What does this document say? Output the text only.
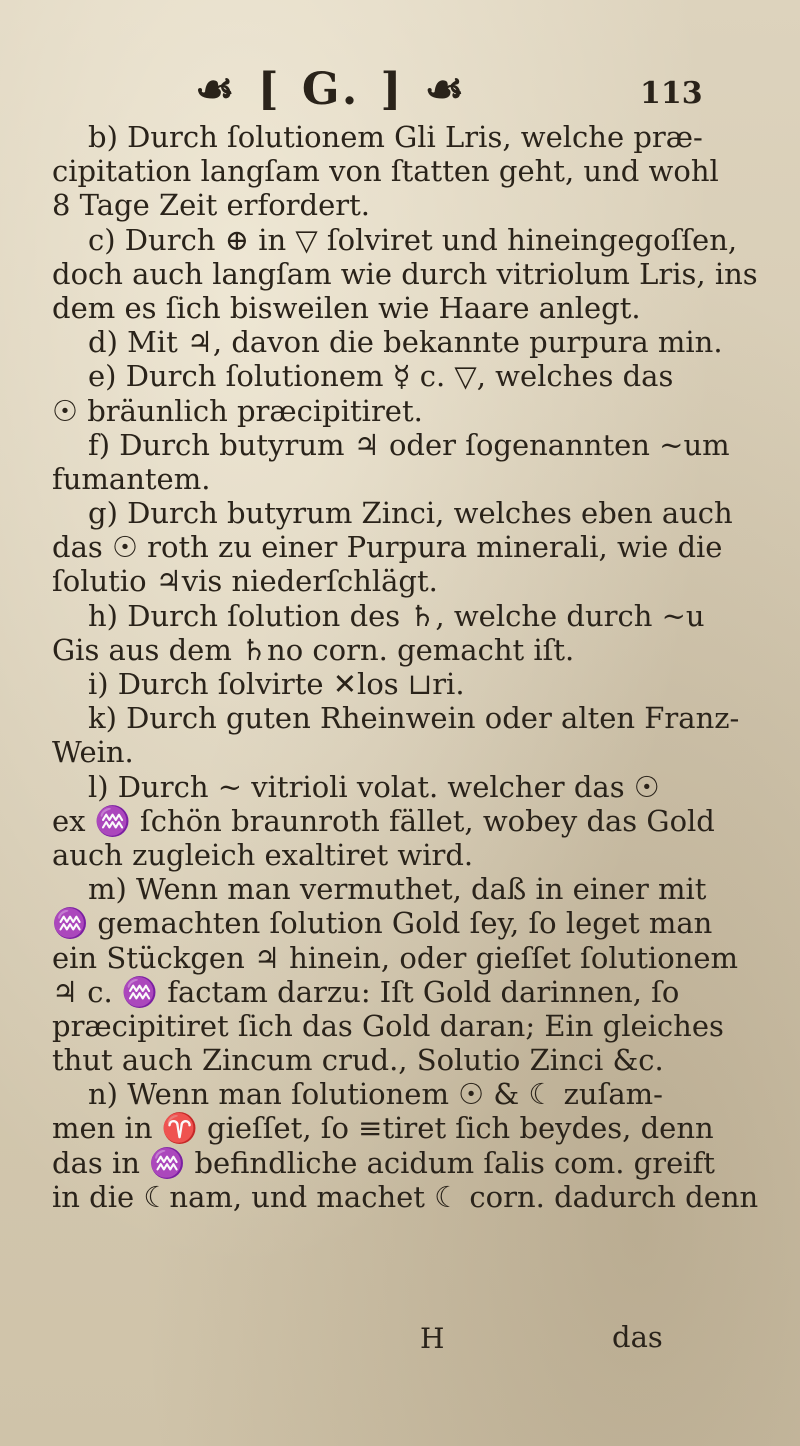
☙ [ G. ] ☙	113
b) Durch ſolutionem Gli Lris, welche præ-
cipitation langſam von ſtatten geht, und wohl
8 Tage Zeit erfordert.
c) Durch ⊕ in ▽ ſolviret und hineingegoſſen,
doch auch langſam wie durch vitriolum Lris, ins
dem es ſich bisweilen wie Haare anlegt.
d) Mit ♃, davon die bekannte purpura min.
e) Durch ſolutionem ☿ c. ▽, welches das
☉ bräunlich præcipitiret.
f) Durch butyrum ♃ oder ſogenannten ~um
fumantem.
g) Durch butyrum Zinci, welches eben auch
das ☉ roth zu einer Purpura minerali, wie die
ſolutio ♃vis niederſchlägt.
h) Durch ſolution des ♄, welche durch ~u
Gis aus dem ♄no corn. gemacht iſt.
i) Durch ſolvirte ✕los ⊔ri.
k) Durch guten Rheinwein oder alten Franz-
Wein.
l) Durch ~ vitrioli volat. welcher das ☉
ex ♒ ſchön braunroth fället, wobey das Gold
auch zugleich exaltiret wird.
m) Wenn man vermuthet, daß in einer mit
♒ gemachten ſolution Gold ſey, ſo leget man
ein Stückgen ♃ hinein, oder gieſſet ſolutionem
♃ c. ♒ factam darzu: Iſt Gold darinnen, ſo
præcipitiret ſich das Gold daran; Ein gleiches
thut auch Zincum crud., Solutio Zinci &c.
n) Wenn man ſolutionem ☉ & ☾ zuſam-
men in ♈ gieſſet, ſo ≡tiret ſich beydes, denn
das in ♒ befindliche acidum ſalis com. greift
in die ☾nam, und machet ☾ corn. dadurch denn
H	das
